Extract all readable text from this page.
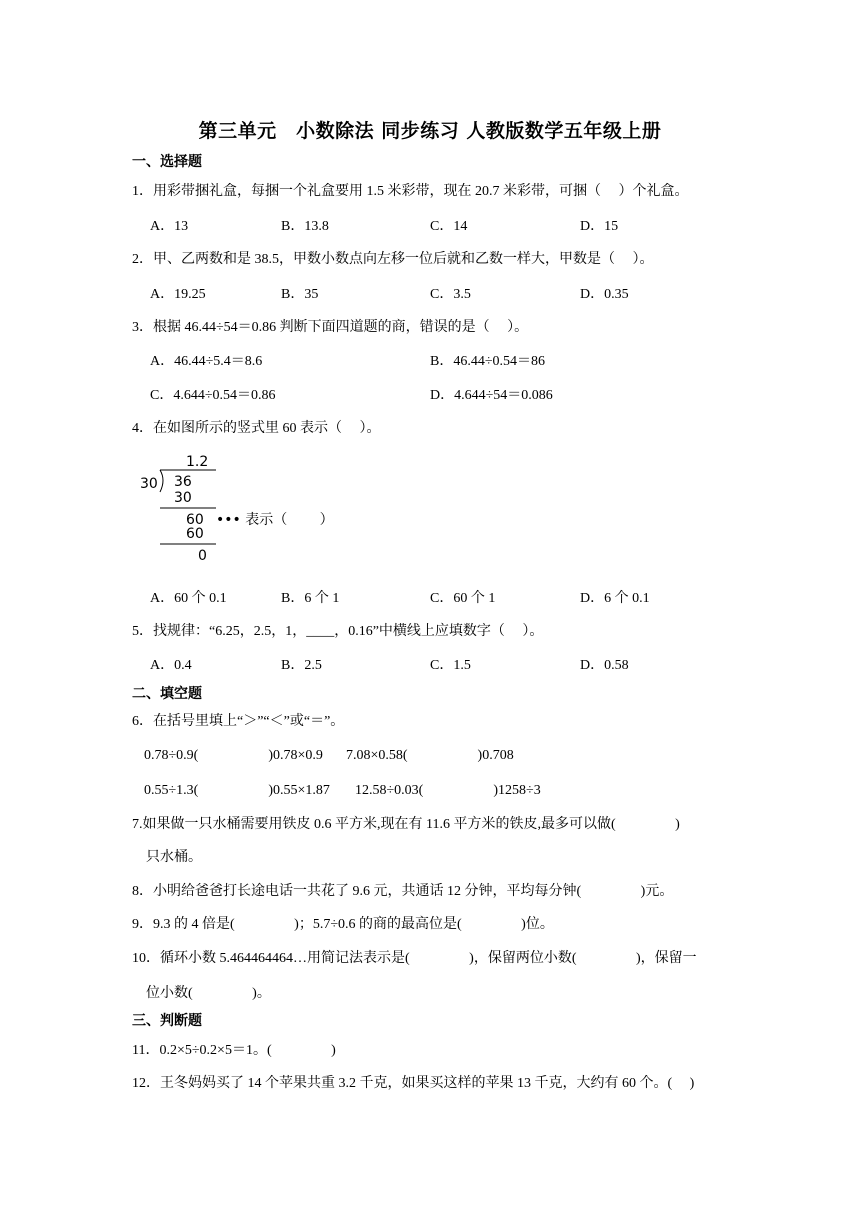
第三单元　小数除法 同步练习 人教版数学五年级上册
一、选择题
1．用彩带捆礼盒，每捆一个礼盒要用 1.5 米彩带，现在 20.7 米彩带，可捆（　 ）个礼盒。
A．13	B．13.8	C．14	D．15
2．甲、乙两数和是 38.5，甲数小数点向左移一位后就和乙数一样大，甲数是（　 ）。
A．19.25	B．35	C．3.5	D．0.35
3．根据 46.44÷54＝0.86 判断下面四道题的商，错误的是（　 ）。
A．46.44÷5.4＝8.6	B．46.44÷0.54＝86
C．4.644÷0.54＝0.86	D．4.644÷54＝0.086
4．在如图所示的竖式里 60 表示（　 ）。
1.2
30 36
30
60 ••• 表示（　　 ）
60
0
A．60 个 0.1	B．6 个 1	C．60 个 1	D．6 个 0.1
5．找规律：“6.25，2.5，1，____，0.16”中横线上应填数字（　 ）。
A．0.4	B．2.5	C．1.5	D．0.58
二、填空题
6．在括号里填上“＞”“＜”或“＝”。
0.78÷0.9(　　　　　)0.78×0.9 7.08×0.58(　　　　　)0.708
0.55÷1.3(　　　　　)0.55×1.87 12.58÷0.03(　　　　　)1258÷3
7.如果做一只水桶需要用铁皮 0.6 平方米,现在有 11.6 平方米的铁皮,最多可以做(　　　　 )
只水桶。
8．小明给爸爸打长途电话一共花了 9.6 元，共通话 12 分钟，平均每分钟(　　　　 )元。
9．9.3 的 4 倍是(　　　　 )；5.7÷0.6 的商的最高位是(　　　　 )位。
10．循环小数 5.464464464…用简记法表示是(　　　　 )，保留两位小数(　　　　 )，保留一
位小数(　　　　 )。
三、判断题
11．0.2×5÷0.2×5＝1。(　　　　 )
12．王冬妈妈买了 14 个苹果共重 3.2 千克，如果买这样的苹果 13 千克，大约有 60 个。(　 )
